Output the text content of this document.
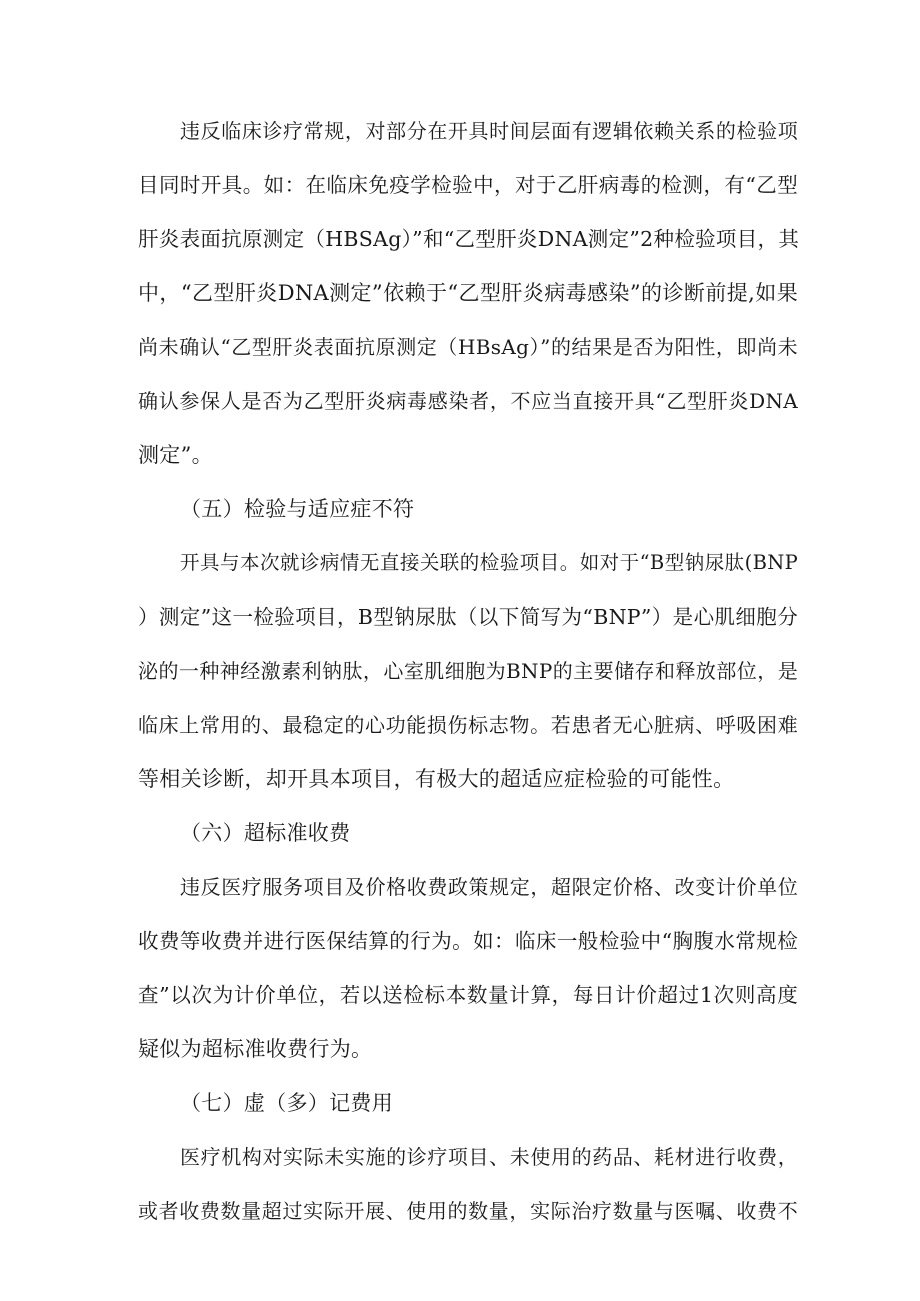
违反临床诊疗常规，对部分在开具时间层面有逻辑依赖关系的检验项

目同时开具。如：在临床免疫学检验中，对于乙肝病毒的检测，有“乙型

肝炎表面抗原测定（HBSAg）”和“乙型肝炎DNA测定”2种检验项目，其

中，“乙型肝炎DNA测定”依赖于“乙型肝炎病毒感染”的诊断前提,如果

尚未确认“乙型肝炎表面抗原测定（HBsAg）”的结果是否为阳性，即尚未

确认参保人是否为乙型肝炎病毒感染者，不应当直接开具“乙型肝炎DNA

测定”。

（五）检验与适应症不符

开具与本次就诊病情无直接关联的检验项目。如对于“B型钠尿肽(BNP

）测定”这一检验项目，B型钠尿肽（以下简写为“BNP”）是心肌细胞分

泌的一种神经激素利钠肽，心室肌细胞为BNP的主要储存和释放部位，是

临床上常用的、最稳定的心功能损伤标志物。若患者无心脏病、呼吸困难

等相关诊断，却开具本项目，有极大的超适应症检验的可能性。

（六）超标准收费

违反医疗服务项目及价格收费政策规定，超限定价格、改变计价单位

收费等收费并进行医保结算的行为。如：临床一般检验中“胸腹水常规检

查”以次为计价单位，若以送检标本数量计算，每日计价超过1次则高度

疑似为超标准收费行为。

（七）虚（多）记费用

医疗机构对实际未实施的诊疗项目、未使用的药品、耗材进行收费，

或者收费数量超过实际开展、使用的数量，实际治疗数量与医嘱、收费不
